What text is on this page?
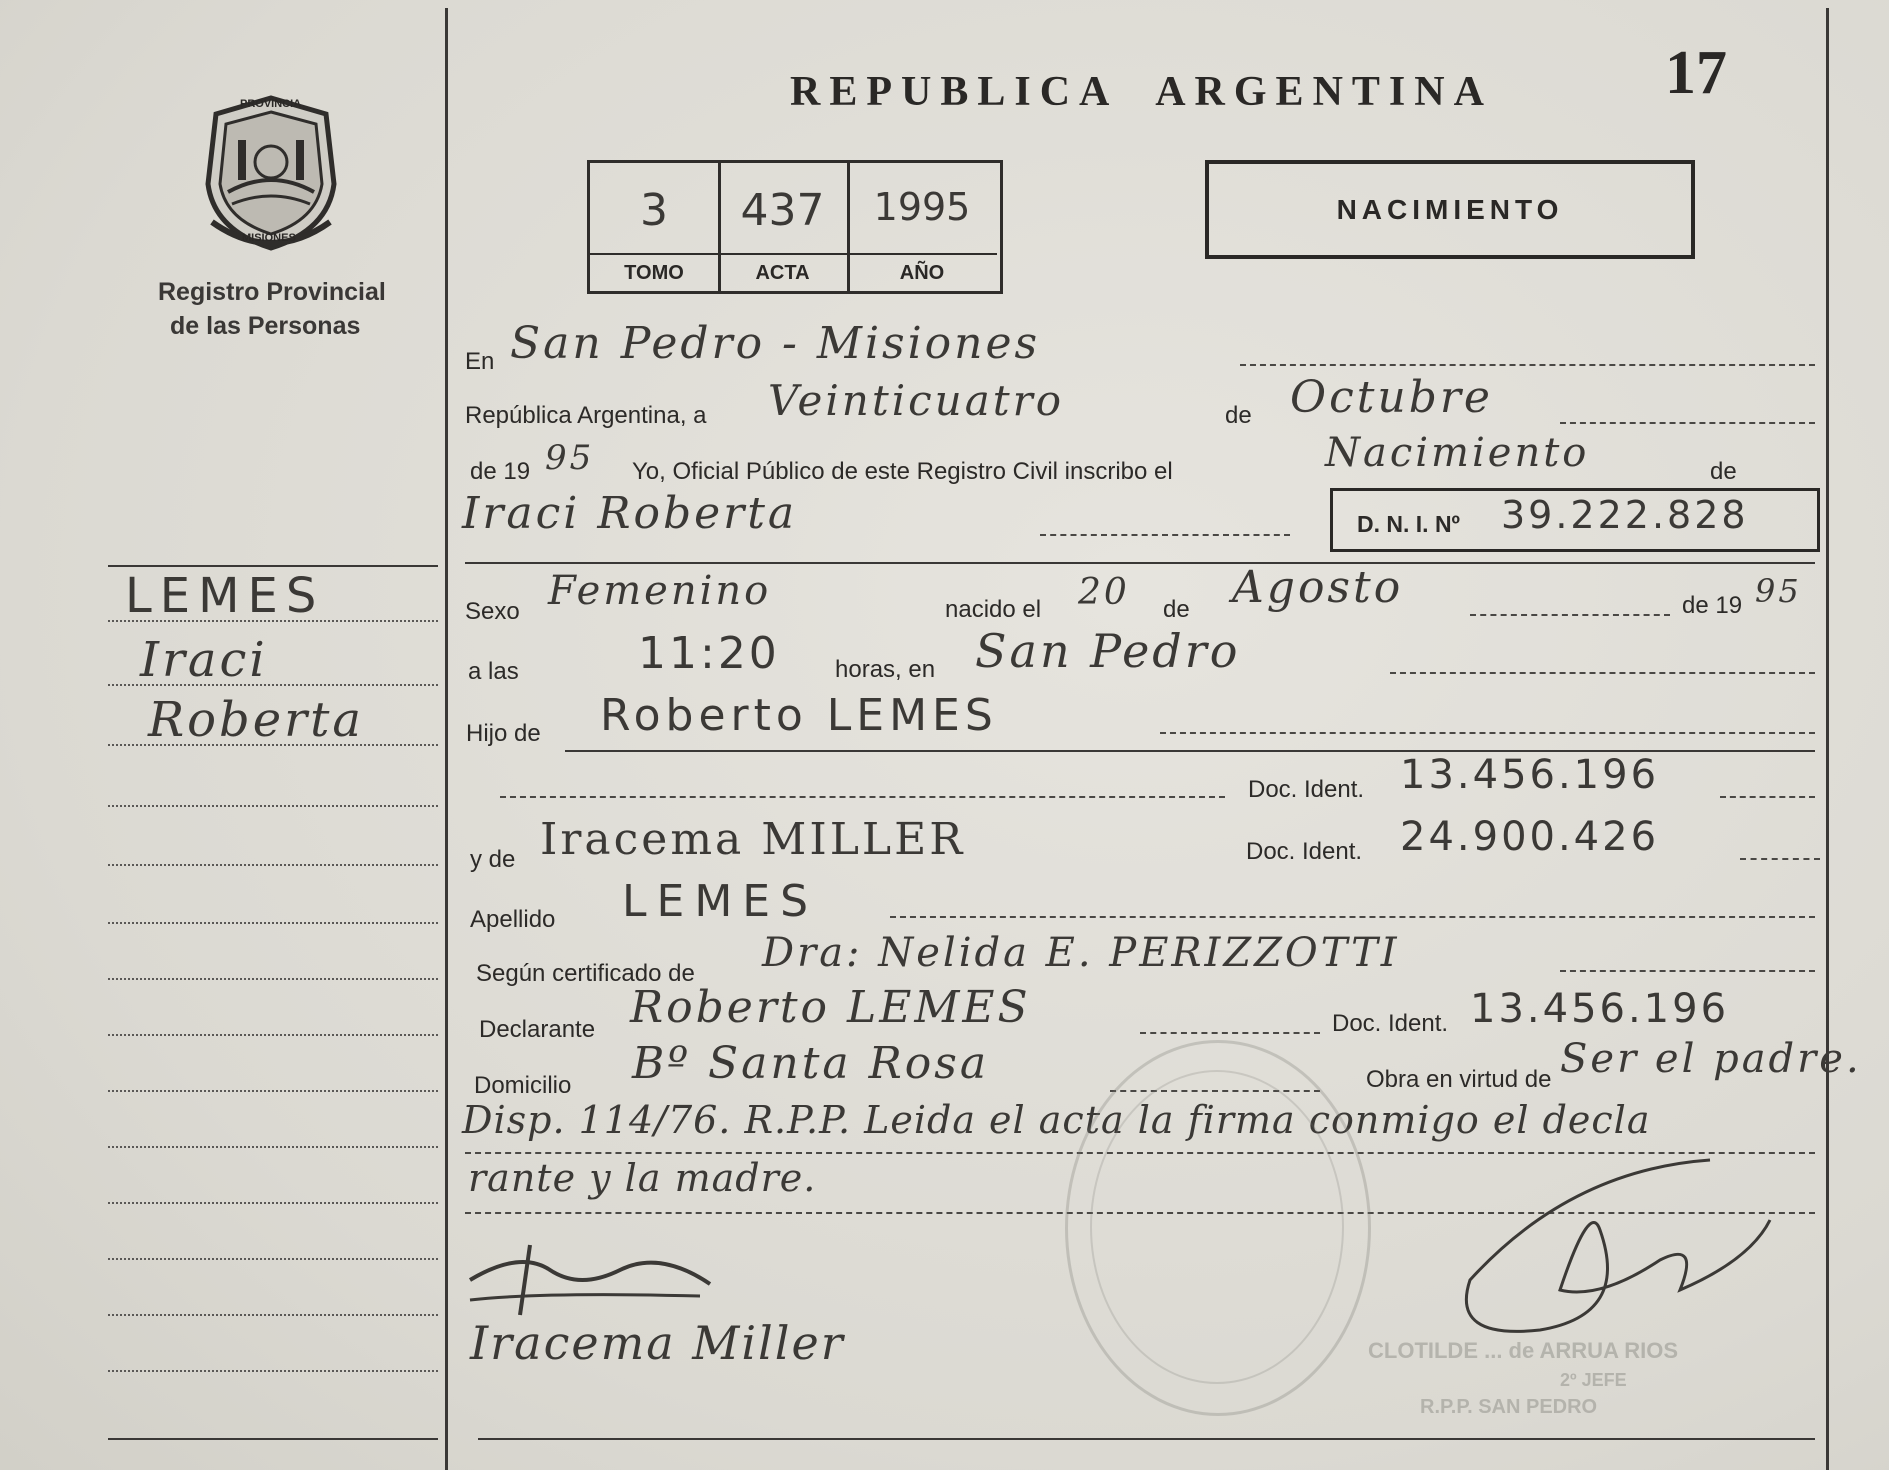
PROVINCIA
MISIONES
Registro Provincial
de las Personas
REPUBLICA ARGENTINA	17
3
TOMO
437
ACTA
1995
AÑO
NACIMIENTO
LEMES
Iraci
Roberta
En San Pedro - Misiones
República Argentina, a Veinticuatro	de Octubre
de 19 95 Yo, Oficial Público de este Registro Civil inscribo el	Nacimiento	de
Iraci Roberta	D. N. I. Nº 39.222.828
Sexo Femenino	nacido el 20 de Agosto	de 19 95
a las	11:20 horas, en San Pedro
Hijo de Roberto LEMES
Doc. Ident. 13.456.196
y de Iracema MILLER	Doc. Ident. 24.900.426
Apellido LEMES
Según certificado de Dra: Nelida E. PERIZZOTTI
Declarante Roberto LEMES	Doc. Ident. 13.456.196
Domicilio Bº Santa Rosa	Obra en virtud de Ser el padre.
Disp. 114/76. R.P.P. Leida el acta la firma conmigo el decla
rante y la madre.
Iracema Miller	CLOTILDE ... de ARRUA RIOS
2º JEFE
R.P.P. SAN PEDRO
